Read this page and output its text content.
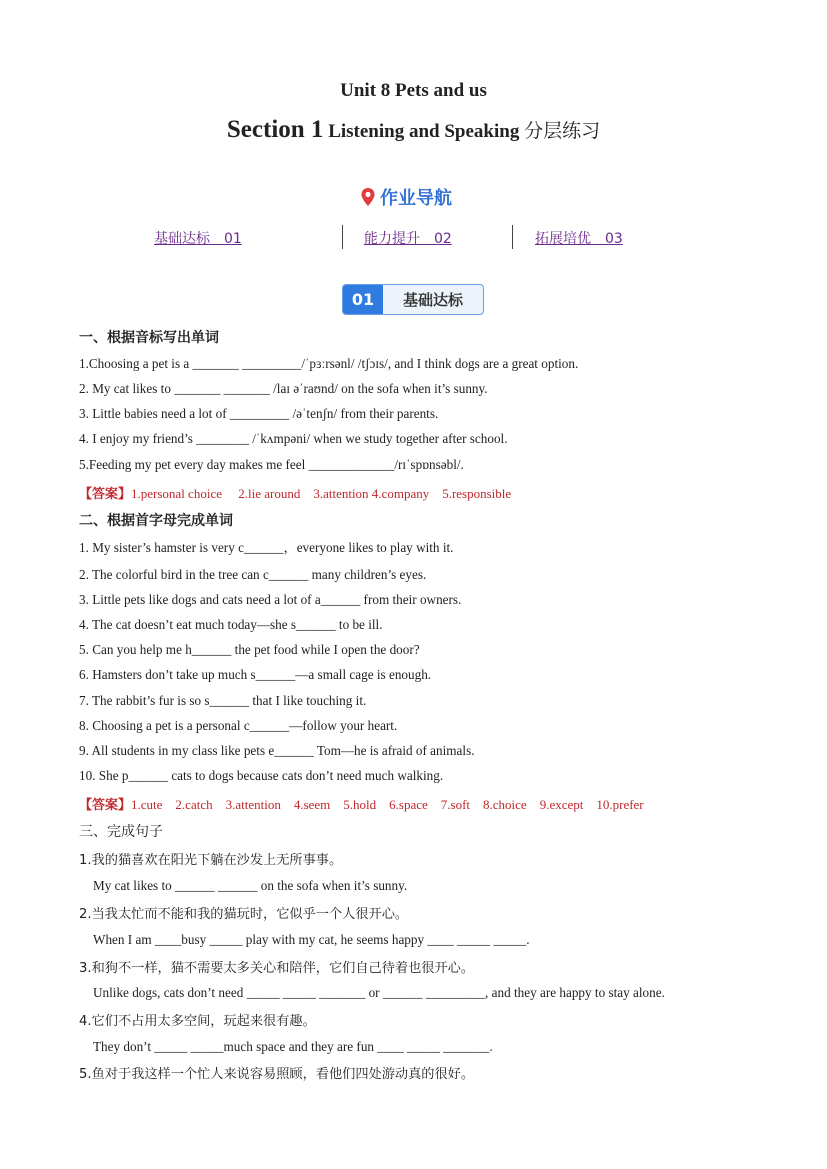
Unit 8 Pets and us
Section 1 Listening and Speaking 分层练习
作业导航
基础达标　01	能力提升　02	拓展培优　03
01	基础达标
一、根据音标写出单词
1.Choosing a pet is a _______ _________/ˈpɜːrsənl/ /tʃɔɪs/, and I think dogs are a great option.
2. My cat likes to _______ _______ /laɪ əˈraʊnd/ on the sofa when it’s sunny.
3. Little babies need a lot of _________ /əˈtenʃn/ from their parents.
4. I enjoy my friend’s ________ /ˈkʌmpəni/ when we study together after school.
5.Feeding my pet every day makes me feel _____________/rɪˈspɒnsəbl/.
【答案】1.personal choice　 2.lie around　3.attention 4.company　5.responsible
二、根据首字母完成单词
1. My sister’s hamster is very c______，everyone likes to play with it.
2. The colorful bird in the tree can c______ many children’s eyes.
3. Little pets like dogs and cats need a lot of a______ from their owners.
4. The cat doesn’t eat much today—she s______ to be ill.
5. Can you help me h______ the pet food while I open the door?
6. Hamsters don’t take up much s______—a small cage is enough.
7. The rabbit’s fur is so s______ that I like touching it.
8. Choosing a pet is a personal c______—follow your heart.
9. All students in my class like pets e______ Tom—he is afraid of animals.
10. She p______ cats to dogs because cats don’t need much walking.
【答案】1.cute　2.catch　3.attention　4.seem　5.hold　6.space　7.soft　8.choice　9.except　10.prefer
三、完成句子
1.我的猫喜欢在阳光下躺在沙发上无所事事。
My cat likes to ______ ______ on the sofa when it’s sunny.
2.当我太忙而不能和我的猫玩时，它似乎一个人很开心。
When I am ____busy _____ play with my cat, he seems happy ____ _____ _____.
3.和狗不一样，猫不需要太多关心和陪伴，它们自己待着也很开心。
Unlike dogs, cats don’t need _____ _____ _______ or ______ _________, and they are happy to stay alone.
4.它们不占用太多空间，玩起来很有趣。
They don’t _____ _____much space and they are fun ____ _____ _______.
5.鱼对于我这样一个忙人来说容易照顾，看他们四处游动真的很好。
